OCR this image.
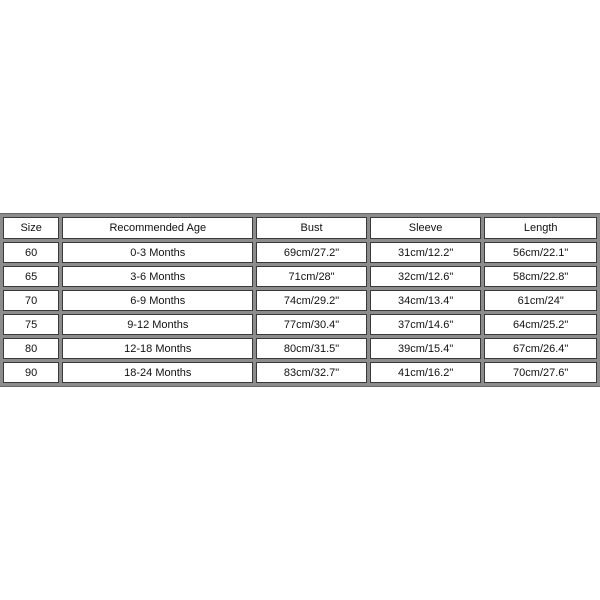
Size	Recommended Age	Bust	Sleeve	Length
60	0-3 Months	69cm/27.2"	31cm/12.2"	56cm/22.1"
65	3-6 Months	71cm/28"	32cm/12.6"	58cm/22.8"
70	6-9 Months	74cm/29.2"	34cm/13.4"	61cm/24"
75	9-12 Months	77cm/30.4"	37cm/14.6"	64cm/25.2"
80	12-18 Months	80cm/31.5"	39cm/15.4"	67cm/26.4"
90	18-24 Months	83cm/32.7"	41cm/16.2"	70cm/27.6"
